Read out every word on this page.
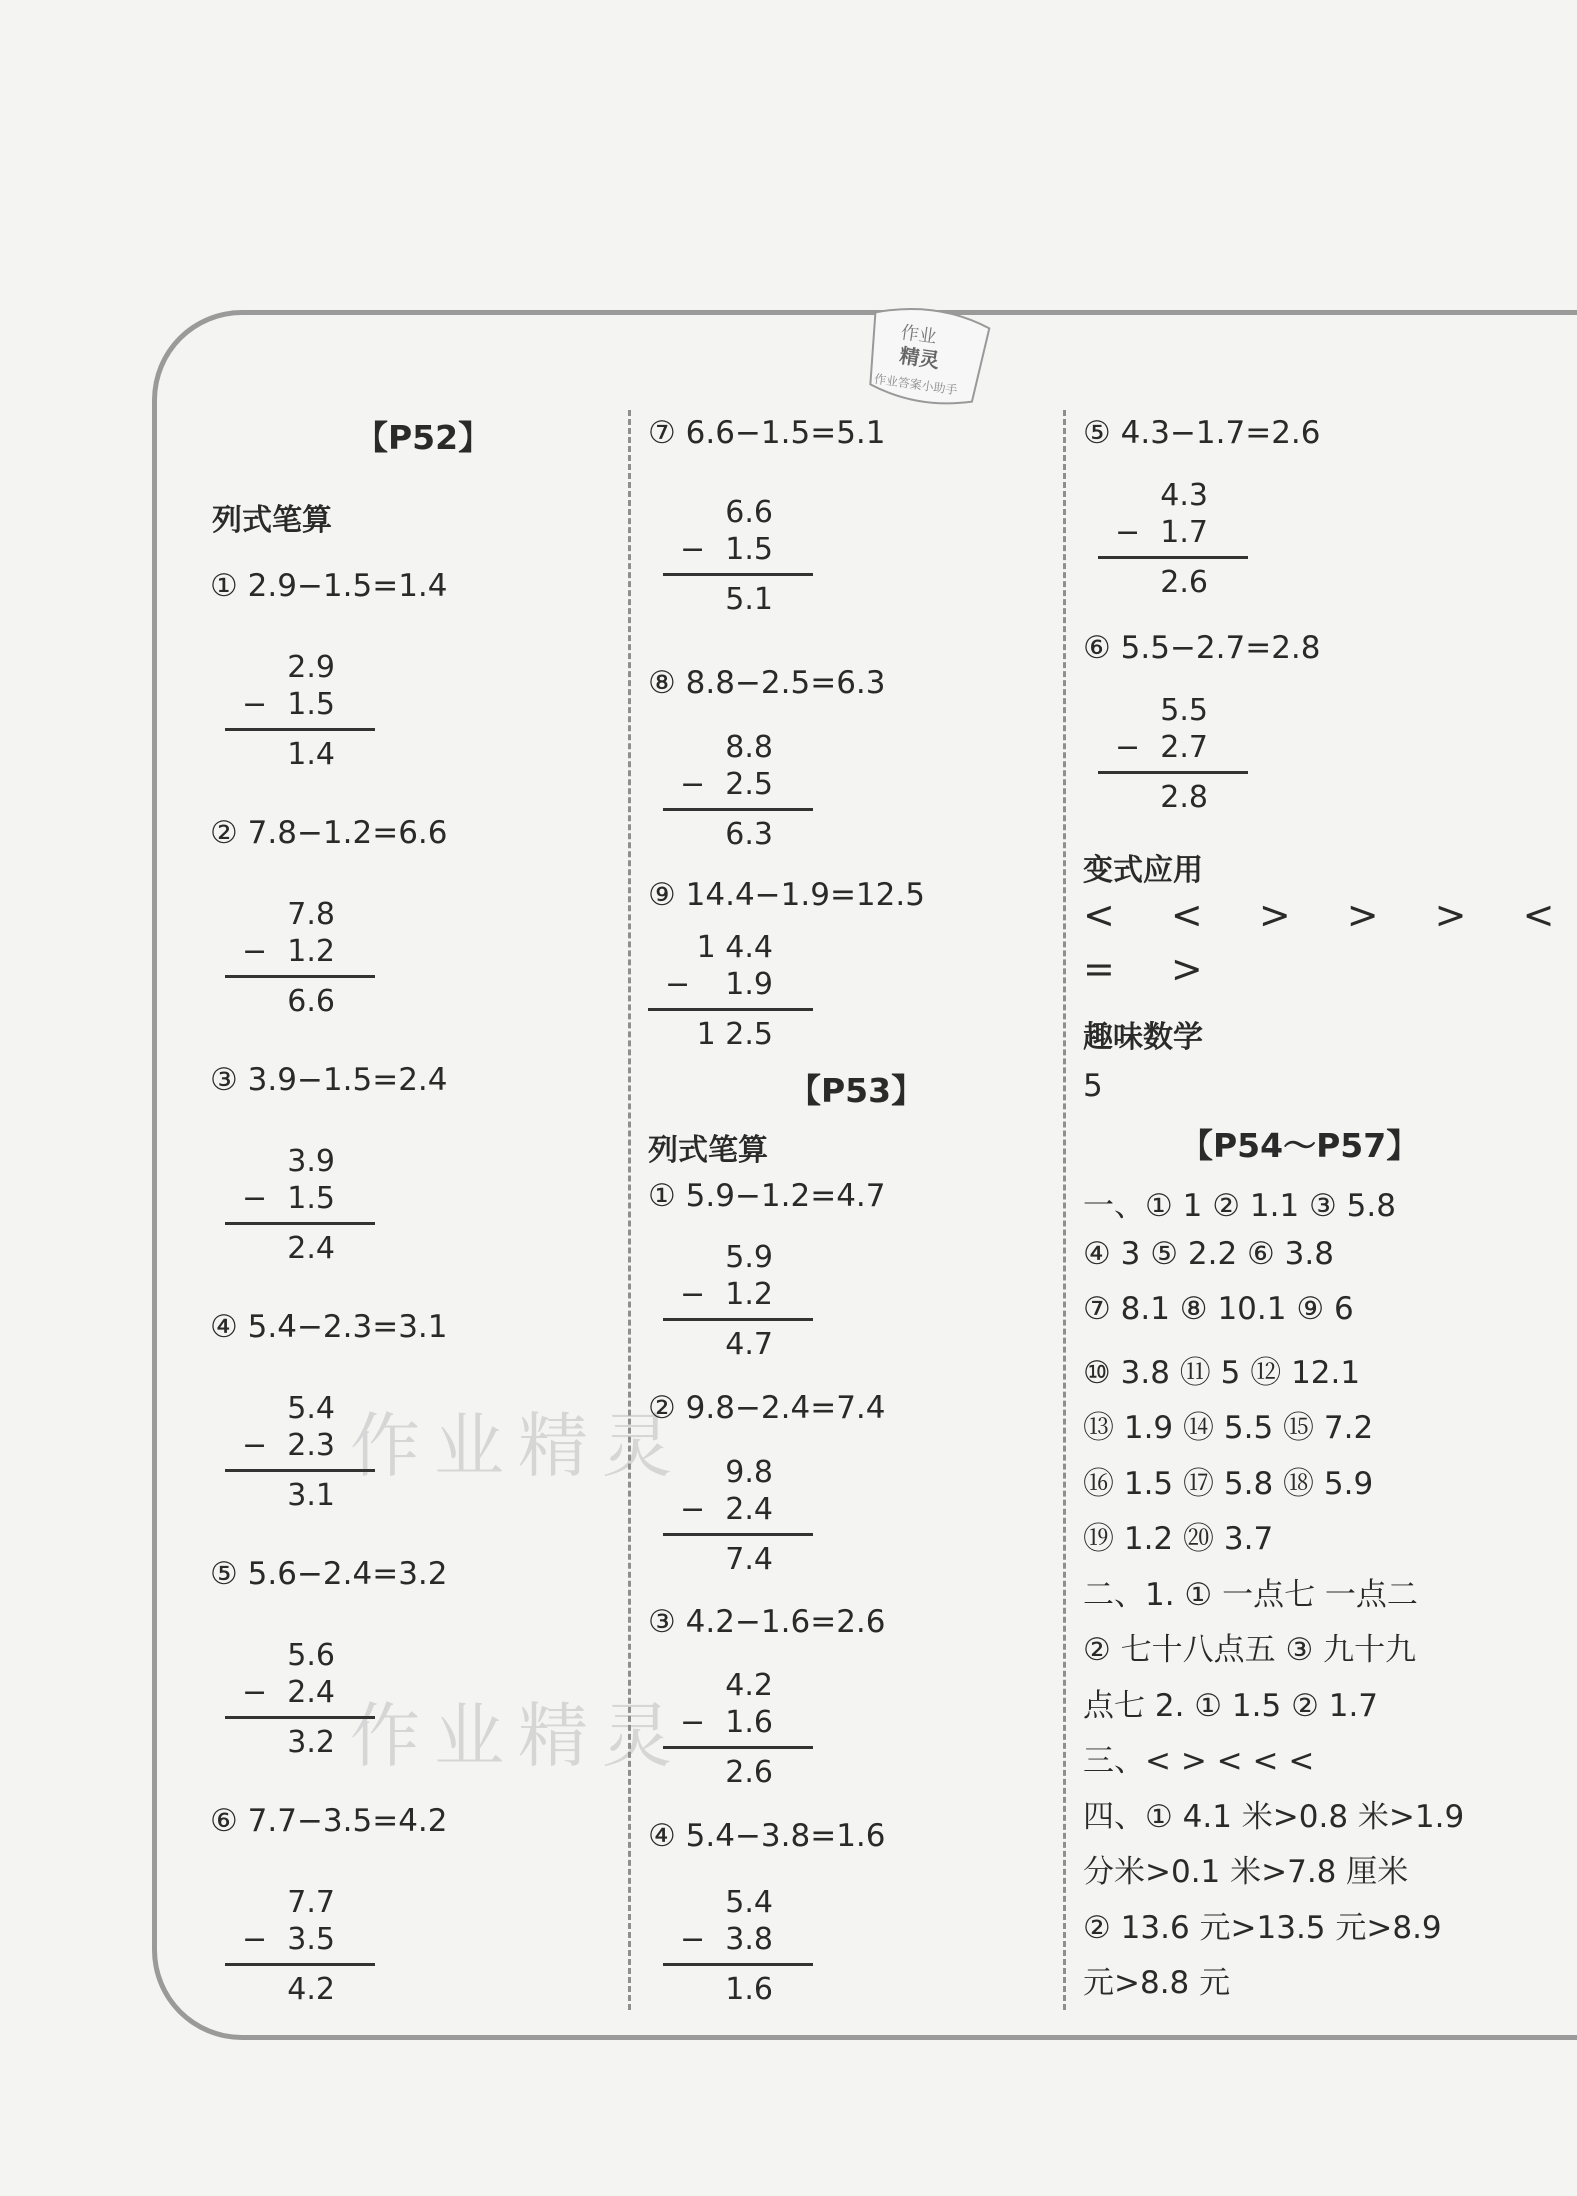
作业
精灵
作业答案小助手
作业精灵
作业精灵
【P52】
列式笔算
① 2.9−1.5=1.4
2.9
− 1.5
1.4
② 7.8−1.2=6.6
7.8
− 1.2
6.6
③ 3.9−1.5=2.4
3.9
− 1.5
2.4
④ 5.4−2.3=3.1
5.4
− 2.3
3.1
⑤ 5.6−2.4=3.2
5.6
− 2.4
3.2
⑥ 7.7−3.5=4.2
7.7
− 3.5
4.2
⑦ 6.6−1.5=5.1
6.6
− 1.5
5.1
⑧ 8.8−2.5=6.3
8.8
− 2.5
6.3
⑨ 14.4−1.9=12.5
1 4.4
− 1.9
1 2.5
【P53】
列式笔算
① 5.9−1.2=4.7
5.9
− 1.2
4.7
② 9.8−2.4=7.4
9.8
− 2.4
7.4
③ 4.2−1.6=2.6
4.2
− 1.6
2.6
④ 5.4−3.8=1.6
5.4
− 3.8
1.6
⑤ 4.3−1.7=2.6
4.3
− 1.7
2.6
⑥ 5.5−2.7=2.8
5.5
− 2.7
2.8
变式应用
< < > > > <
= >
趣味数学
5
【P54～P57】
一、① 1 ② 1.1 ③ 5.8
④ 3 ⑤ 2.2 ⑥ 3.8
⑦ 8.1 ⑧ 10.1 ⑨ 6
⑩ 3.8 ⑪ 5 ⑫ 12.1
⑬ 1.9 ⑭ 5.5 ⑮ 7.2
⑯ 1.5 ⑰ 5.8 ⑱ 5.9
⑲ 1.2 ⑳ 3.7
二、1. ① 一点七 一点二
② 七十八点五 ③ 九十九
点七 2. ① 1.5 ② 1.7
三、< > < < <
四、① 4.1 米>0.8 米>1.9
分米>0.1 米>7.8 厘米
② 13.6 元>13.5 元>8.9
元>8.8 元
